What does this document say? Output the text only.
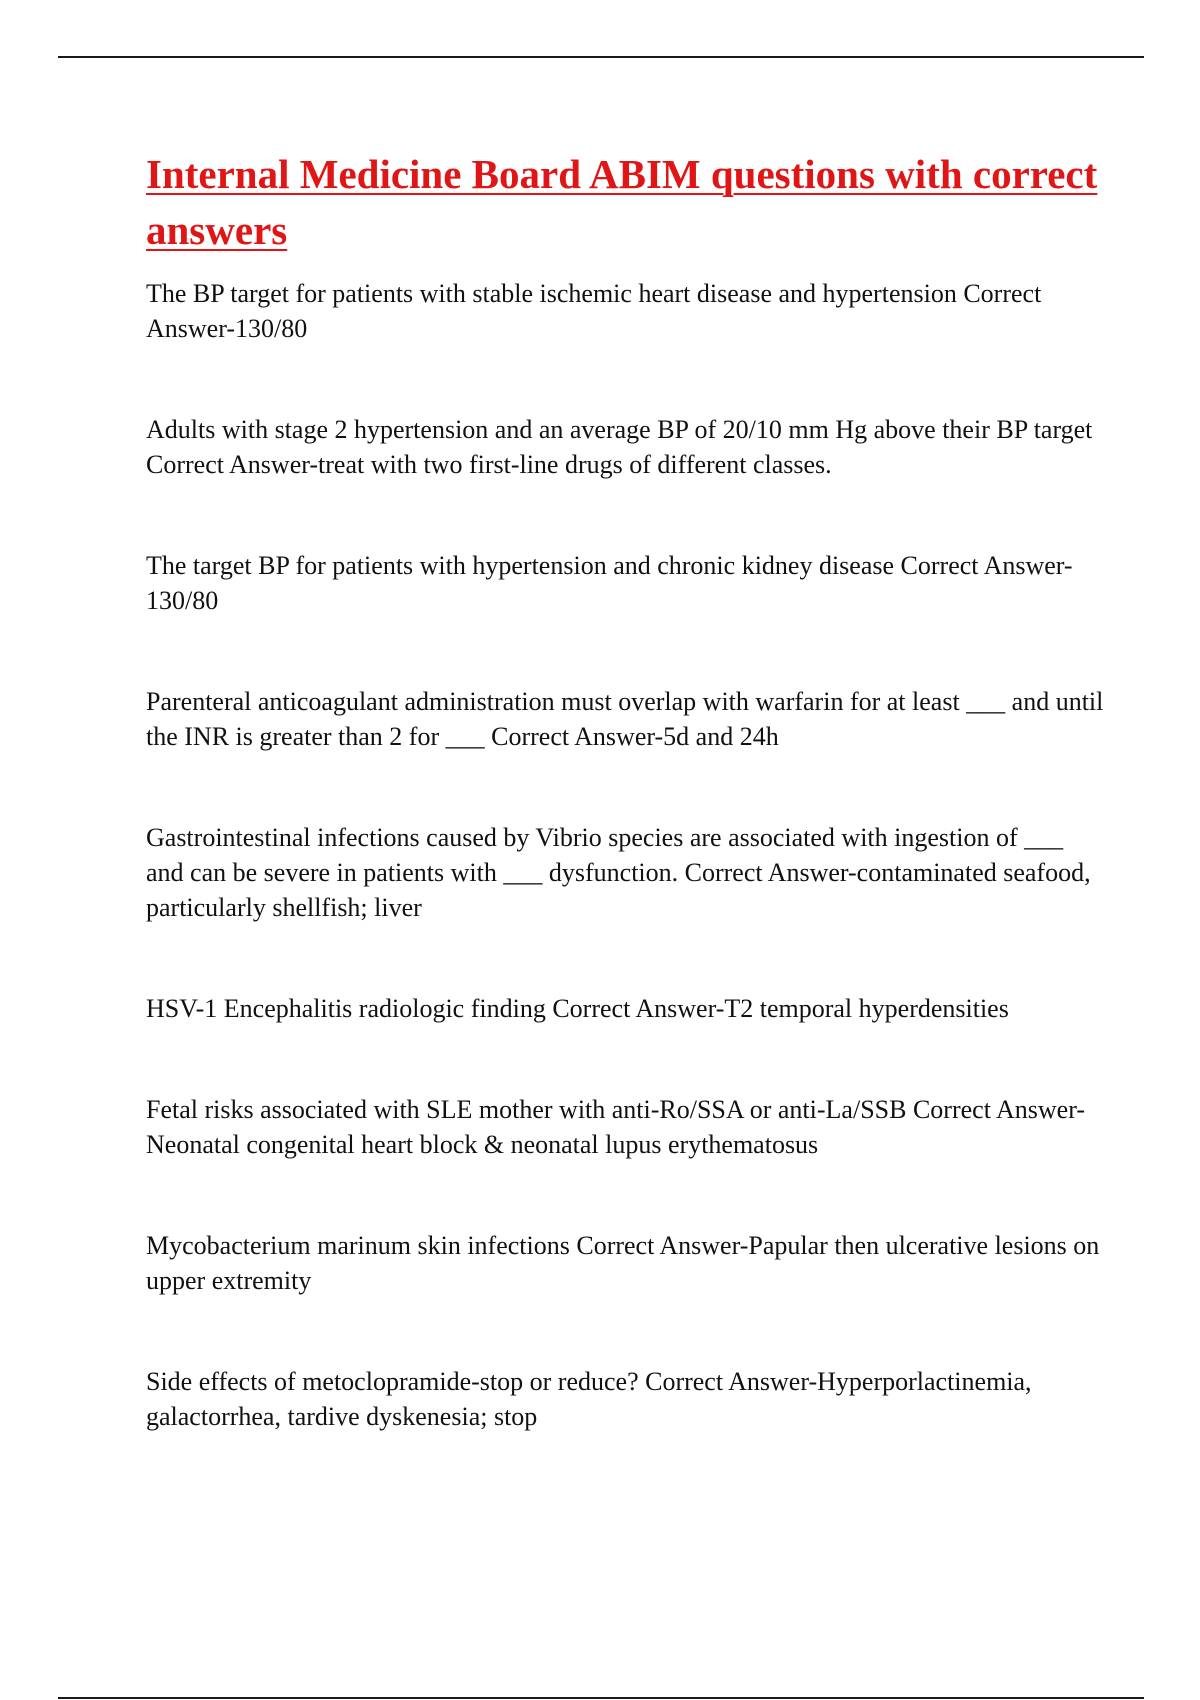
Internal Medicine Board ABIM questions with correct answers
The BP target for patients with stable ischemic heart disease and hypertension Correct Answer-130/80
Adults with stage 2 hypertension and an average BP of 20/10 mm Hg above their BP target Correct Answer-treat with two first-line drugs of different classes.
The target BP for patients with hypertension and chronic kidney disease Correct Answer-130/80
Parenteral anticoagulant administration must overlap with warfarin for at least ___ and until the INR is greater than 2 for ___ Correct Answer-5d and 24h
Gastrointestinal infections caused by Vibrio species are associated with ingestion of ___ and can be severe in patients with ___ dysfunction. Correct Answer-contaminated seafood, particularly shellfish; liver
HSV-1 Encephalitis radiologic finding Correct Answer-T2 temporal hyperdensities
Fetal risks associated with SLE mother with anti-Ro/SSA or anti-La/SSB Correct Answer-Neonatal congenital heart block & neonatal lupus erythematosus
Mycobacterium marinum skin infections Correct Answer-Papular then ulcerative lesions on upper extremity
Side effects of metoclopramide-stop or reduce? Correct Answer-Hyperporlactinemia, galactorrhea, tardive dyskenesia; stop
